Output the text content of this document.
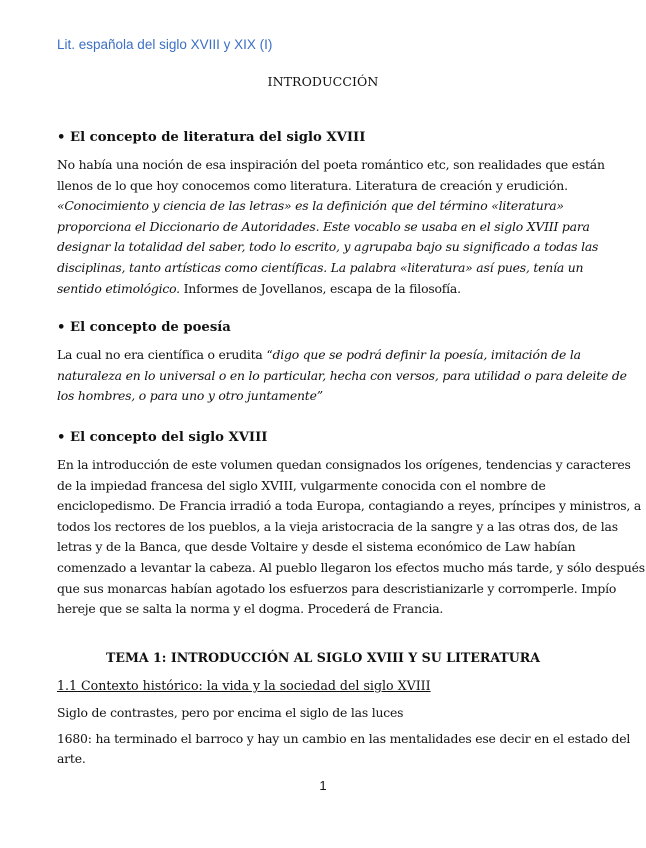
Lit. española del siglo XVIII y XIX (I)
INTRODUCCIÓN
• El concepto de literatura del siglo XVIII
No había una noción de esa inspiración del poeta romántico etc, son realidades que están
llenos de lo que hoy conocemos como literatura. Literatura de creación y erudición.
«Conocimiento y ciencia de las letras» es la definición que del término «literatura»
proporciona el Diccionario de Autoridades. Este vocablo se usaba en el siglo XVIII para
designar la totalidad del saber, todo lo escrito, y agrupaba bajo su significado a todas las
disciplinas, tanto artísticas como científicas. La palabra «literatura» así pues, tenía un
sentido etimológico. Informes de Jovellanos, escapa de la filosofía.
• El concepto de poesía
La cual no era científica o erudita “digo que se podrá definir la poesía, imitación de la
naturaleza en lo universal o en lo particular, hecha con versos, para utilidad o para deleite de
los hombres, o para uno y otro juntamente”
• El concepto del siglo XVIII
En la introducción de este volumen quedan consignados los orígenes, tendencias y caracteres
de la impiedad francesa del siglo XVIII, vulgarmente conocida con el nombre de
enciclopedismo. De Francia irradió a toda Europa, contagiando a reyes, príncipes y ministros, a
todos los rectores de los pueblos, a la vieja aristocracia de la sangre y a las otras dos, de las
letras y de la Banca, que desde Voltaire y desde el sistema económico de Law habían
comenzado a levantar la cabeza. Al pueblo llegaron los efectos mucho más tarde, y sólo después
que sus monarcas habían agotado los esfuerzos para descristianizarle y corromperle. Impío
hereje que se salta la norma y el dogma. Procederá de Francia.
TEMA 1: INTRODUCCIÓN AL SIGLO XVIII Y SU LITERATURA
1.1 Contexto histórico: la vida y la sociedad del siglo XVIII
Siglo de contrastes, pero por encima el siglo de las luces
1680: ha terminado el barroco y hay un cambio en las mentalidades ese decir en el estado del
arte.
1
